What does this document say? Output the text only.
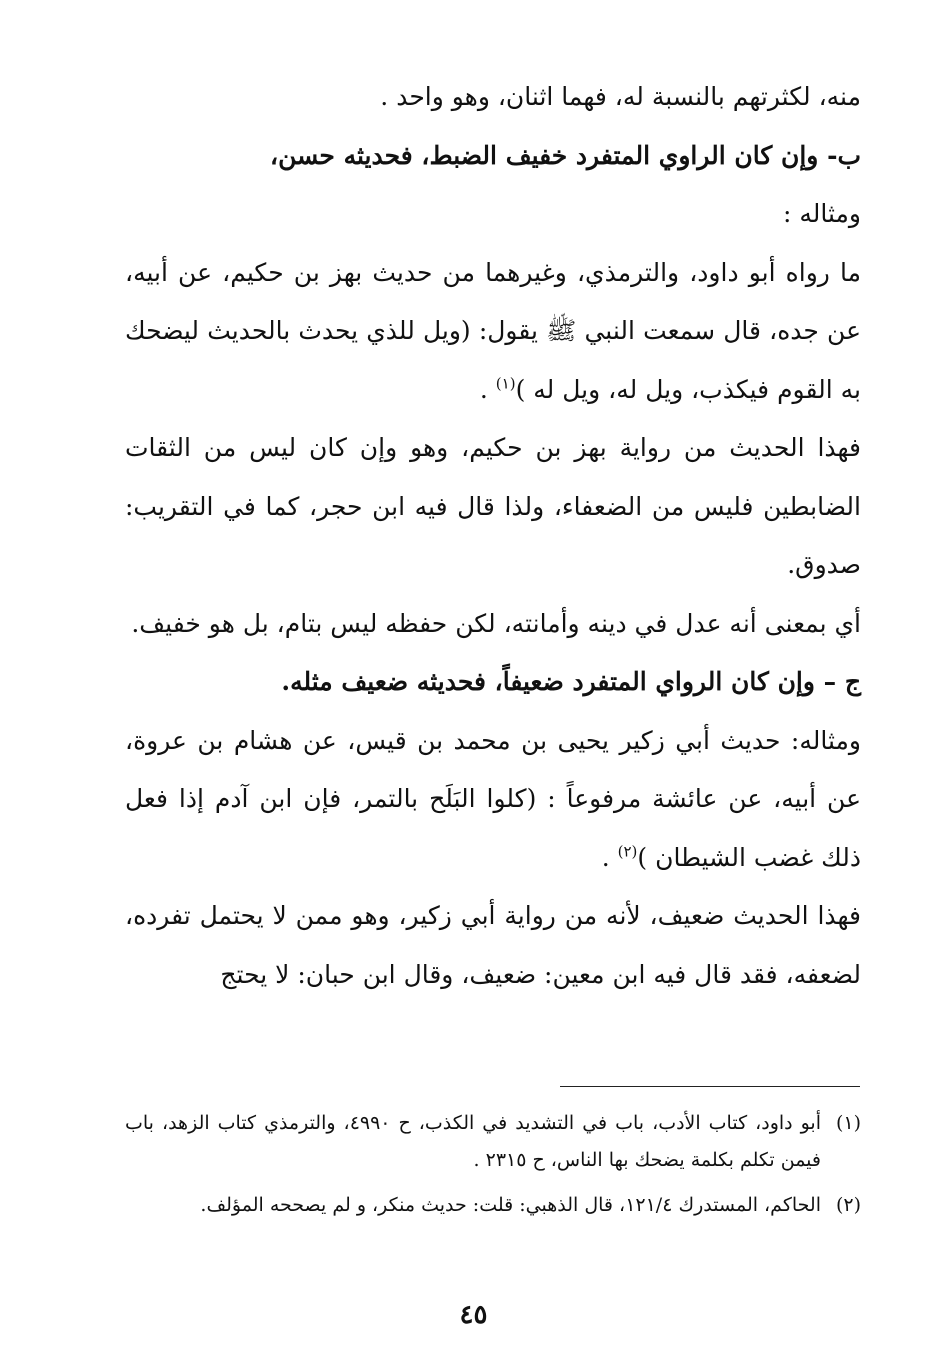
منه، لكثرتهم بالنسبة له، فهما اثنان، وهو واحد .

ب- وإن كان الراوي المتفرد خفيف الضبط، فحديثه حسن،

ومثاله :

ما رواه أبو داود، والترمذي، وغيرهما من حديث بهز بن حكيم، عن أبيه، عن جده، قال سمعت النبي ﷺ يقول: (ويل للذي يحدث بالحديث ليضحك به القوم فيكذب، ويل له، ويل له )$^{(١)}$ .

فهذا الحديث من رواية بهز بن حكيم، وهو وإن كان ليس من الثقات الضابطين فليس من الضعفاء، ولذا قال فيه ابن حجر، كما في التقريب: صدوق.

أي بمعنى أنه عدل في دينه وأمانته، لكن حفظه ليس بتام، بل هو خفيف.

ج – وإن كان الرواي المتفرد ضعيفاً، فحديثه ضعيف مثله.

ومثاله: حديث أبي زكير يحيى بن محمد بن قيس، عن هشام بن عروة، عن أبيه، عن عائشة مرفوعاً : (كلوا البَلَح بالتمر، فإن ابن آدم إذا فعل ذلك غضب الشيطان )$^{(٢)}$ .

فهذا الحديث ضعيف، لأنه من رواية أبي زكير، وهو ممن لا يحتمل تفرده، لضعفه، فقد قال فيه ابن معين: ضعيف، وقال ابن حبان: لا يحتج

(١)
أبو داود، كتاب الأدب، باب في التشديد في الكذب، ح ٤٩٩٠، والترمذي كتاب الزهد، باب فيمن تكلم بكلمة يضحك بها الناس، ح ٢٣١٥ .
(٢)
الحاكم، المستدرك ١٢١/٤، قال الذهبي: قلت: حديث منكر، و لم يصححه المؤلف.
٤٥
